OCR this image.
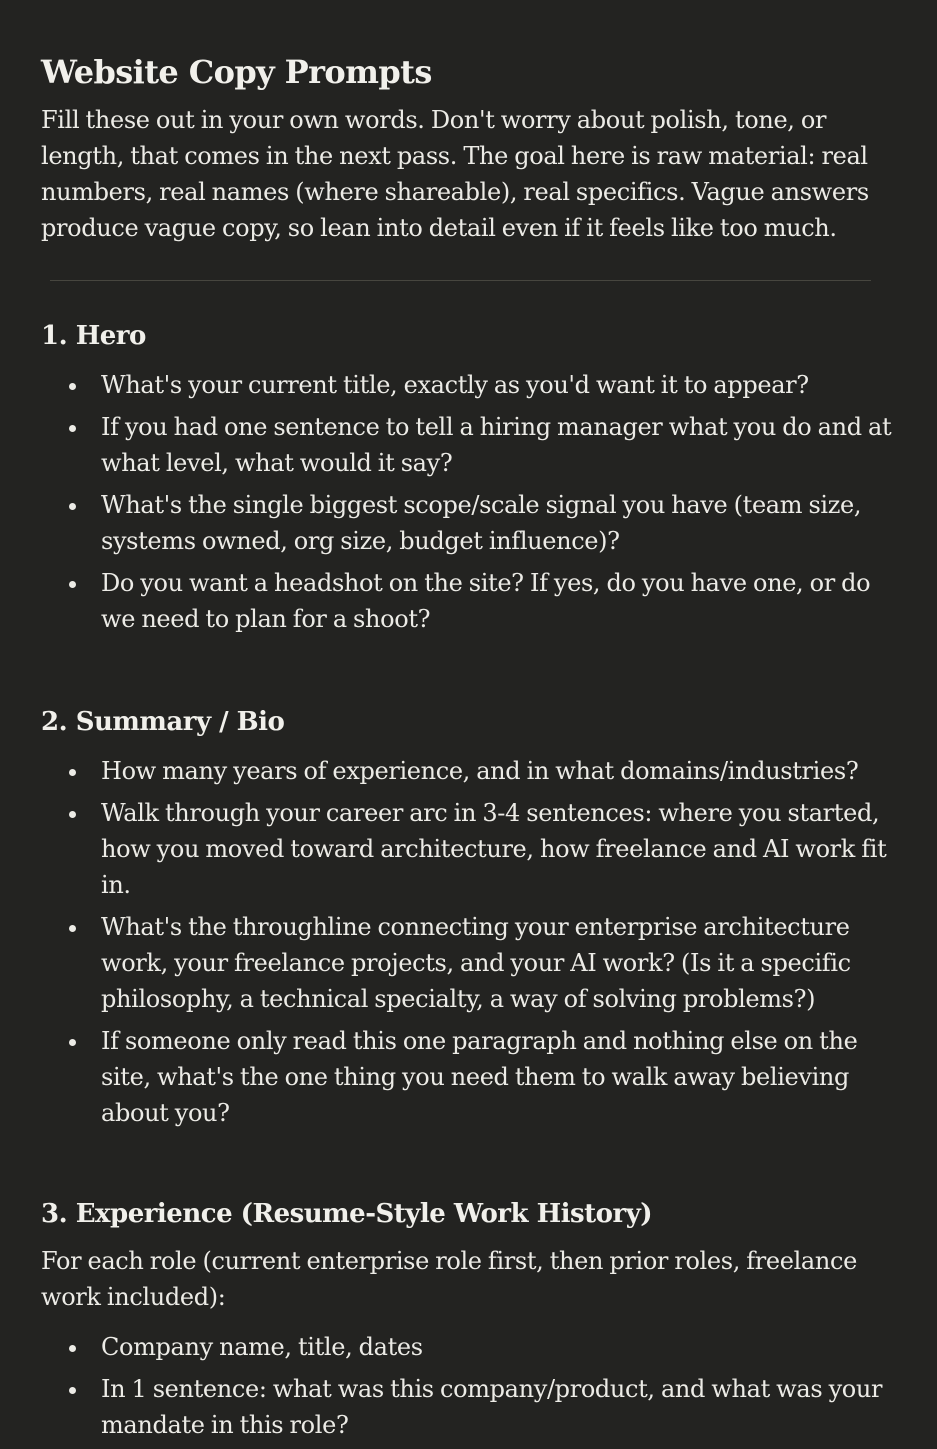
Website Copy Prompts

Fill these out in your own words. Don't worry about polish, tone, or length, that comes in the next pass. The goal here is raw material: real numbers, real names (where shareable), real specifics. Vague answers produce vague copy, so lean into detail even if it feels like too much.

1. Hero
What's your current title, exactly as you'd want it to appear?
If you had one sentence to tell a hiring manager what you do and at what level, what would it say?
What's the single biggest scope/scale signal you have (team size, systems owned, org size, budget influence)?
Do you want a headshot on the site? If yes, do you have one, or do we need to plan for a shoot?
2. Summary / Bio
How many years of experience, and in what domains/industries?
Walk through your career arc in 3-4 sentences: where you started, how you moved toward architecture, how freelance and AI work fit in.
What's the throughline connecting your enterprise architecture work, your freelance projects, and your AI work? (Is it a specific philosophy, a technical specialty, a way of solving problems?)
If someone only read this one paragraph and nothing else on the site, what's the one thing you need them to walk away believing about you?
3. Experience (Resume-Style Work History)

For each role (current enterprise role first, then prior roles, freelance work included):

Company name, title, dates
In 1 sentence: what was this company/product, and what was your mandate in this role?
